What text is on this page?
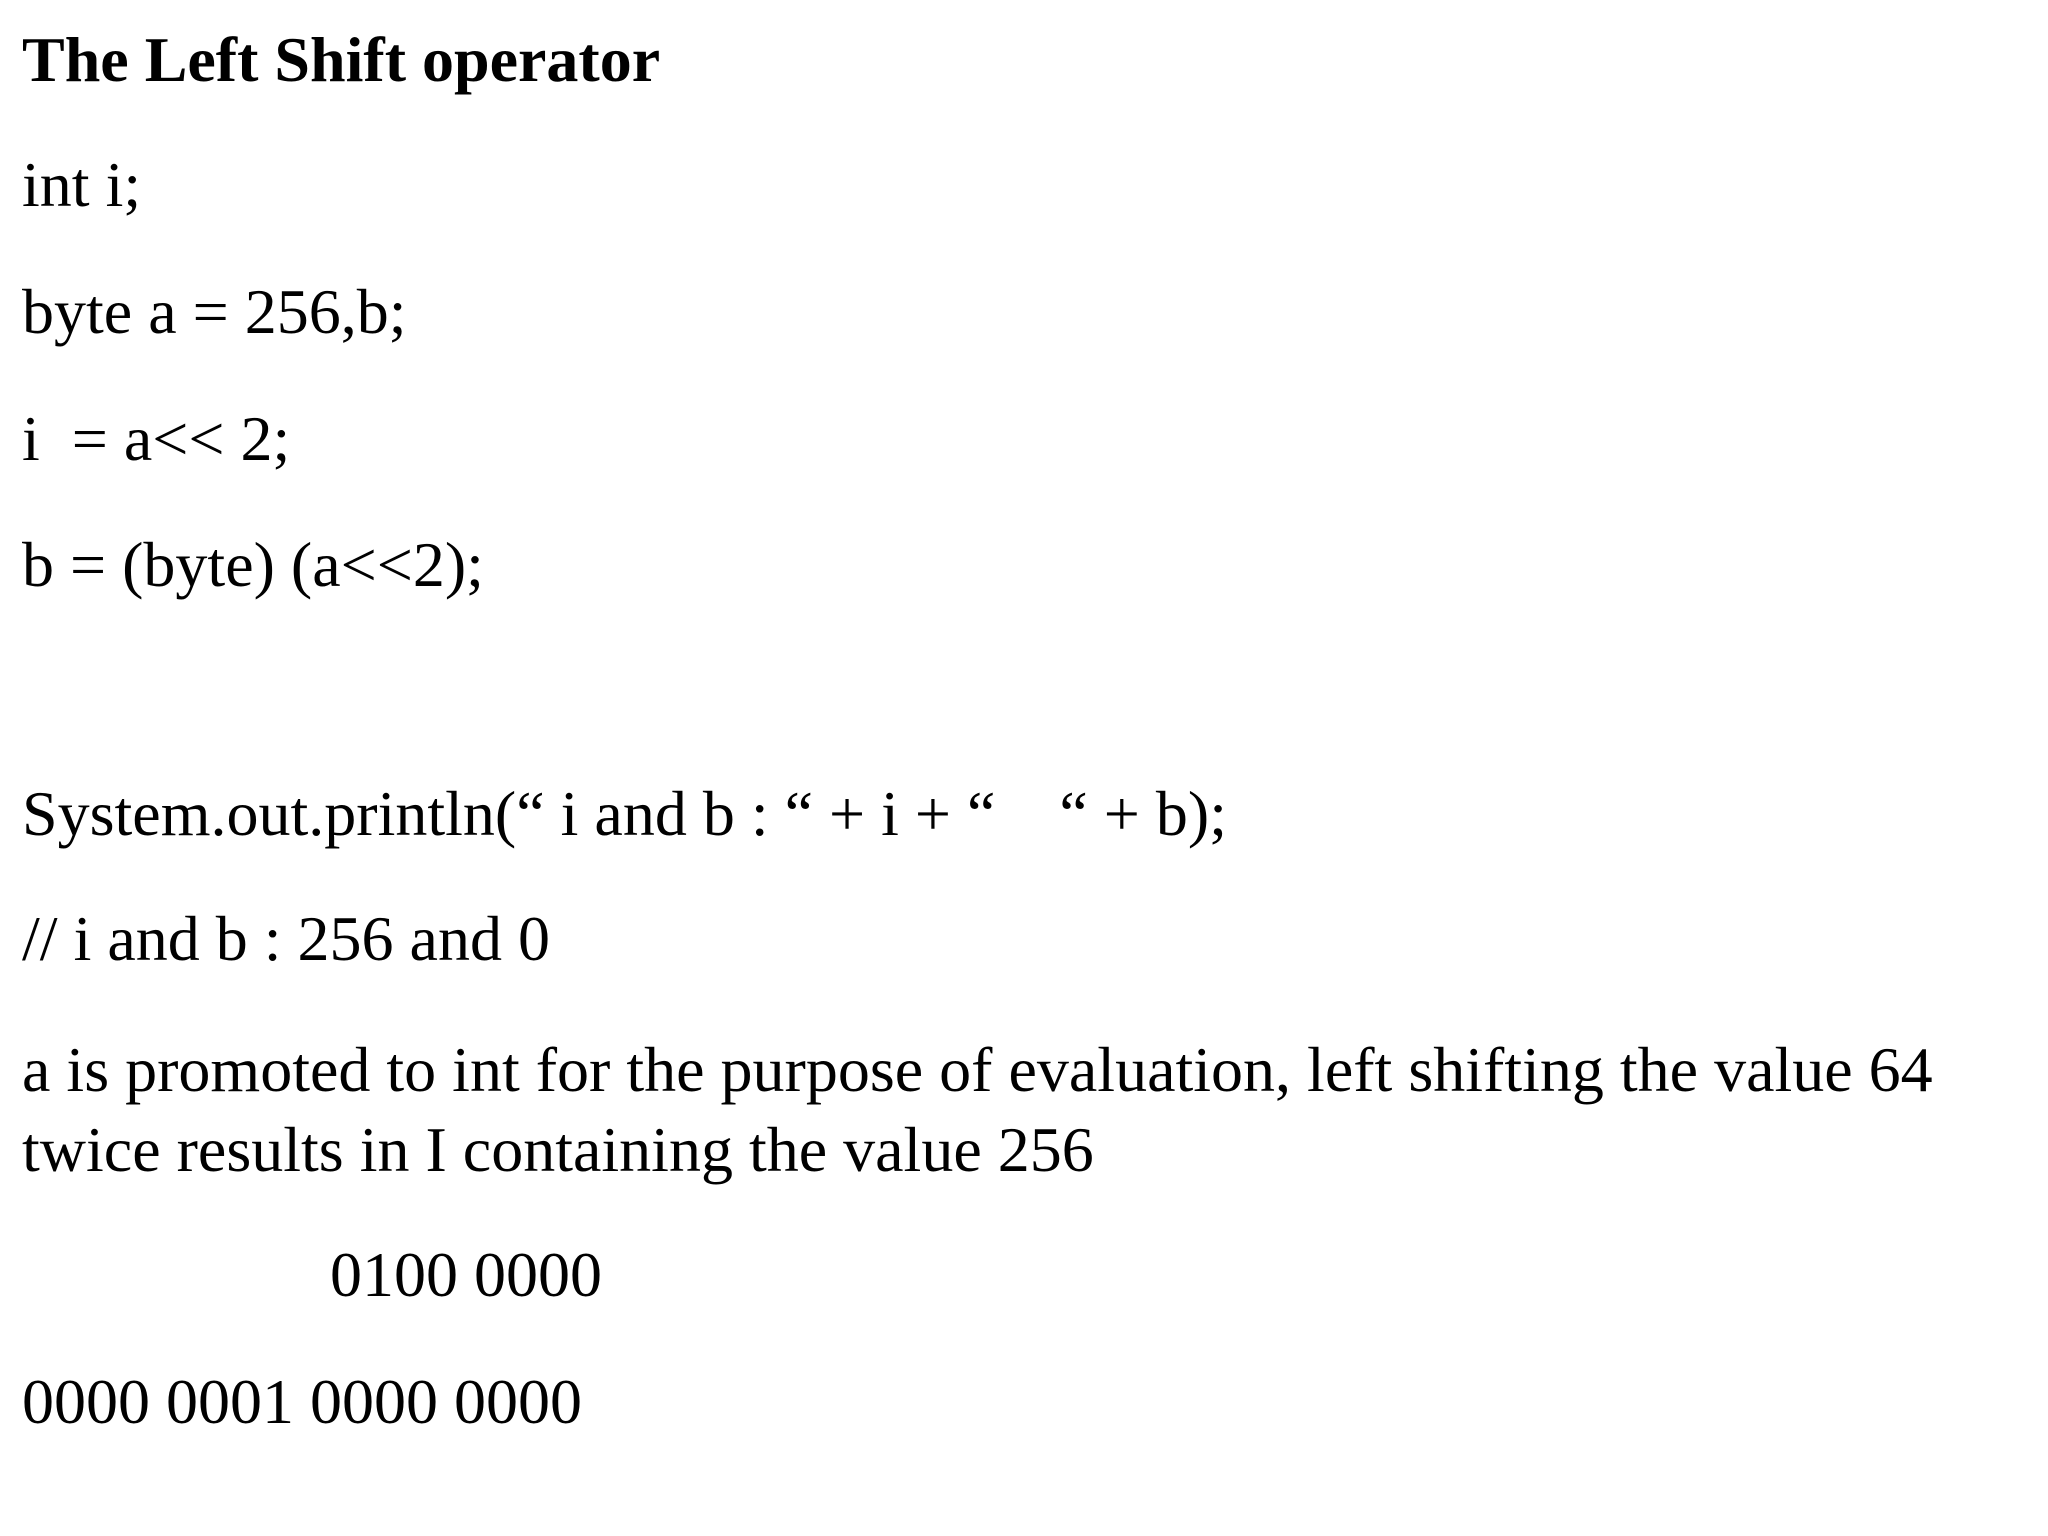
The Left Shift operator

int i;

byte a = 256,b;

i  = a<< 2;

b = (byte) (a<<2);

System.out.println(“ i and b : “ + i + “    “ + b);

// i and b : 256 and 0

a is promoted to int for the purpose of evaluation, left shifting the value 64 twice results in I containing the value 256

0100 0000

0000 0001 0000 0000
